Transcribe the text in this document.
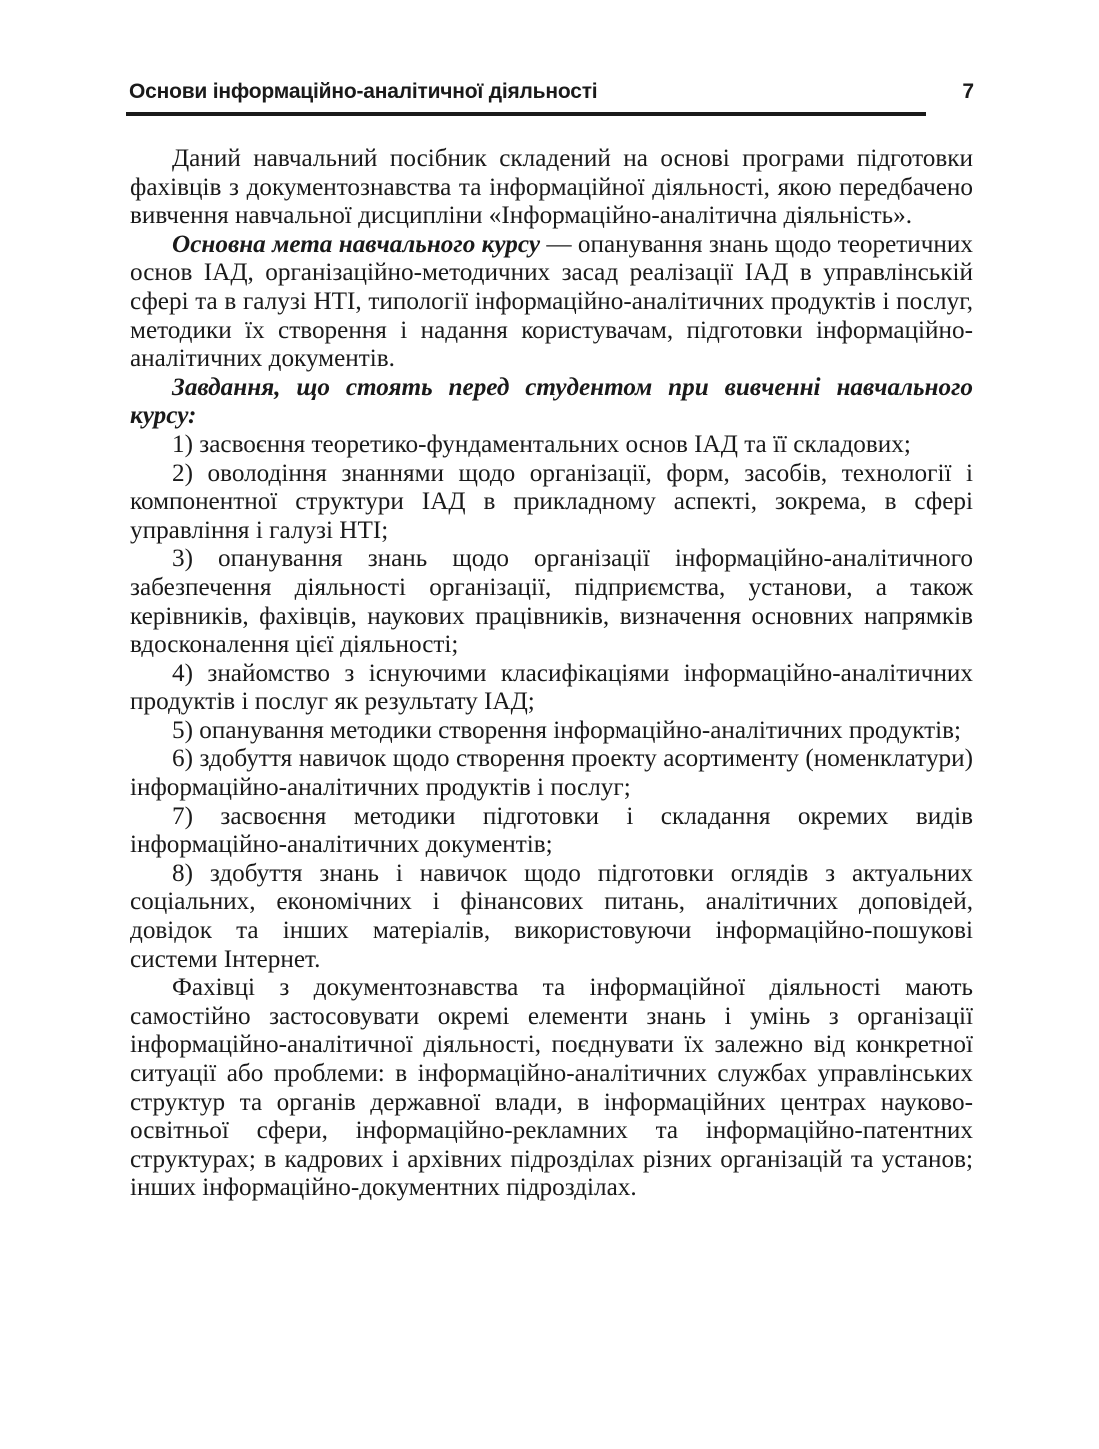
Основи інформаційно-аналітичної діяльності	7

Даний навчальний посібник складений на основі програми підготовки фахівців з документознавства та інформаційної діяльності, якою передбачено вивчення навчальної дисципліни «Інформаційно-аналітична діяльність».

Основна мета навчального курсу — опанування знань щодо теоретичних основ ІАД, організаційно-методичних засад реалізації ІАД в управлінській сфері та в галузі НТІ, типології інформаційно-аналітичних продуктів і послуг, методики їх створення і надання користувачам, підготовки інформаційно-аналітичних документів.

Завдання, що стоять перед студентом при вивченні навчального курсу:

1) засвоєння теоретико-фундаментальних основ ІАД та її складових;

2) оволодіння знаннями щодо організації, форм, засобів, технології і компонентної структури ІАД в прикладному аспекті, зокрема, в сфері управління і галузі НТІ;

3) опанування знань щодо організації інформаційно-аналітичного забезпечення діяльності організації, підприємства, установи, а також керівників, фахівців, наукових працівників, визначення основних напрямків вдосконалення цієї діяльності;

4) знайомство з існуючими класифікаціями інформаційно-аналітичних продуктів і послуг як результату ІАД;

5) опанування методики створення інформаційно-аналітичних продуктів;

6) здобуття навичок щодо створення проекту асортименту (номенклатури) інформаційно-аналітичних продуктів і послуг;

7) засвоєння методики підготовки і складання окремих видів інформаційно-аналітичних документів;

8) здобуття знань і навичок щодо підготовки оглядів з актуальних соціальних, економічних і фінансових питань, аналітичних доповідей, довідок та інших матеріалів, використовуючи інформаційно-пошукові системи Інтернет.

Фахівці з документознавства та інформаційної діяльності мають самостійно застосовувати окремі елементи знань і умінь з організації інформаційно-аналітичної діяльності, поєднувати їх залежно від конкретної ситуації або проблеми: в інформаційно-аналітичних службах управлінських структур та органів державної влади, в інформаційних центрах науково-освітньої сфери, інформаційно-рекламних та інформаційно-патентних структурах; в кадрових і архівних підрозділах різних організацій та установ; інших інформаційно-документних підрозділах.
